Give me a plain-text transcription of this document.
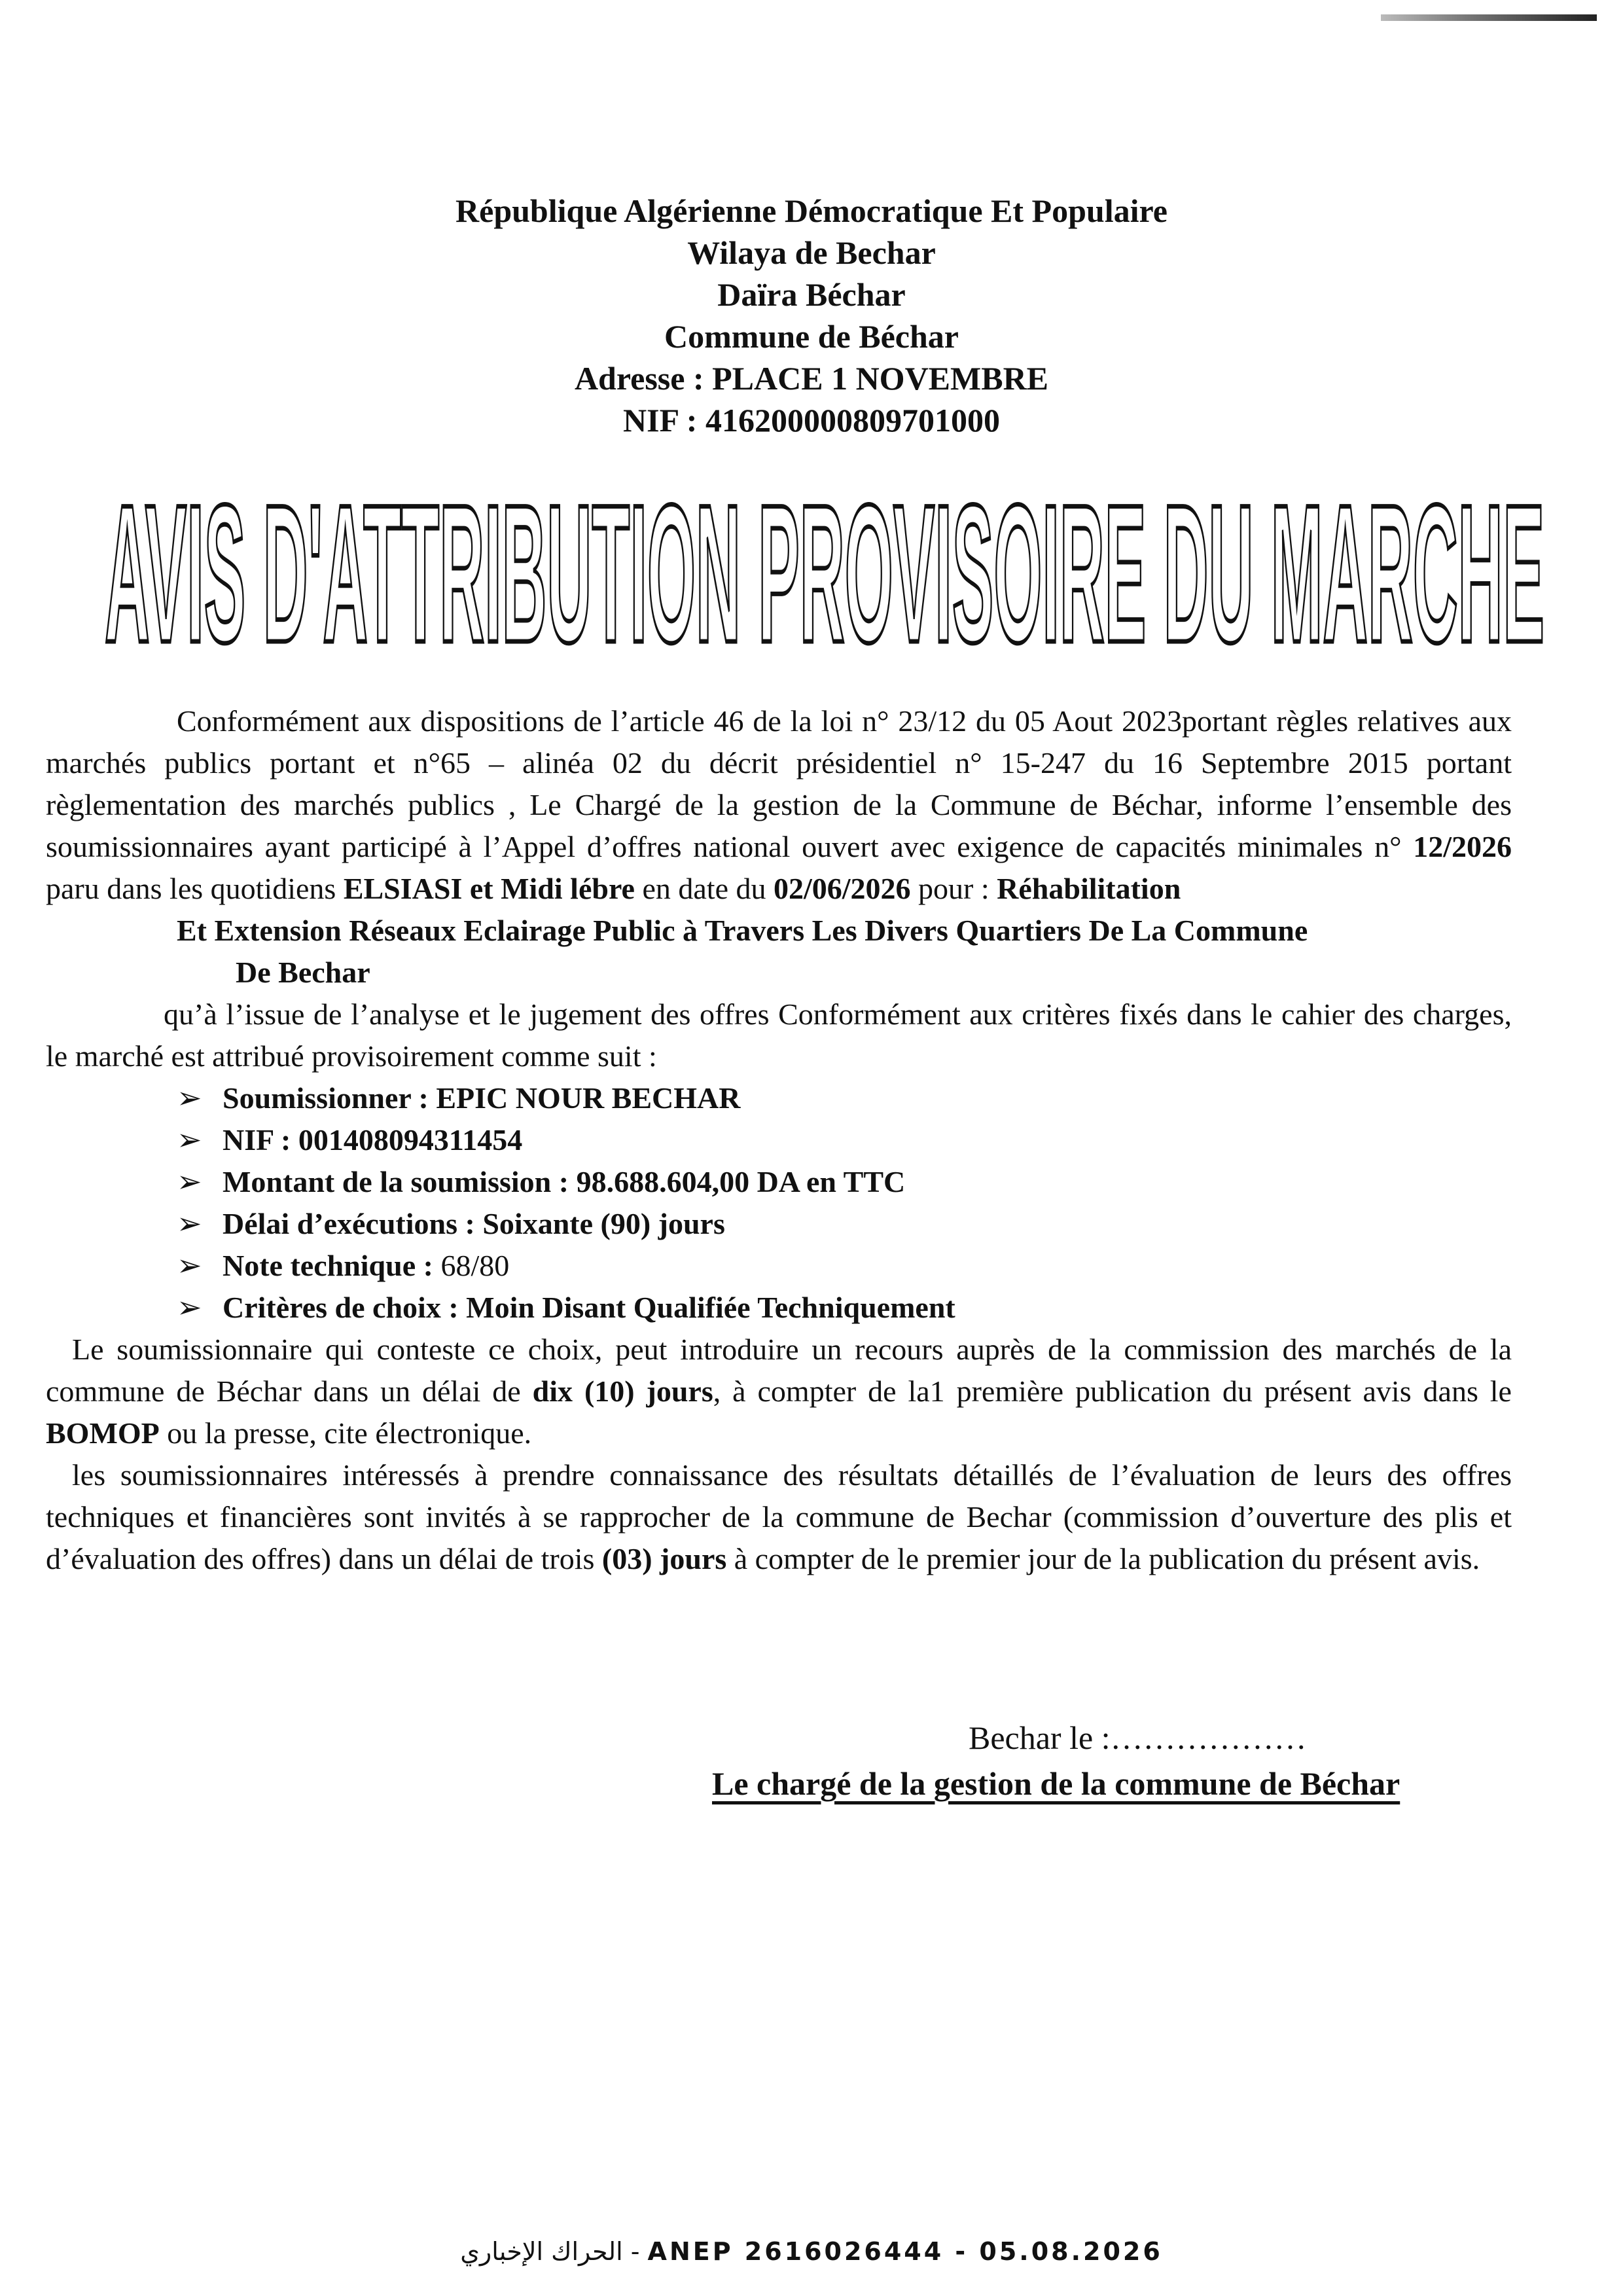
République Algérienne Démocratique Et Populaire
Wilaya de Bechar
Daïra Béchar
Commune de Béchar
Adresse : PLACE 1 NOVEMBRE
NIF : 416200000809701000
AVIS D'ATTRIBUTION PROVISOIRE DU MARCHE

Conformément aux dispositions de l’article 46 de la loi n° 23/12 du 05 Aout 2023portant règles relatives aux marchés publics portant et n°65 – alinéa 02 du décrit présidentiel n° 15-247 du 16 Septembre 2015 portant règlementation des marchés publics , Le Chargé de la gestion de la Commune de Béchar, informe l’ensemble des soumissionnaires ayant participé à l’Appel d’offres national ouvert avec exigence de capacités minimales n° 12/2026 paru dans les quotidiens ELSIASI et Midi lébre en date du 02/06/2026 pour : Réhabilitation
Et Extension Réseaux Eclairage Public à Travers Les Divers Quartiers De La Commune
De Bechar

qu’à l’issue de l’analyse et le jugement des offres Conformément aux critères fixés dans le cahier des charges, le marché est attribué provisoirement comme suit :

➢ Soumissionner : EPIC NOUR BECHAR
➢ NIF : 001408094311454
➢ Montant de la soumission : 98.688.604,00 DA en TTC
➢ Délai d’exécutions : Soixante (90) jours
➢ Note technique : 68/80
➢ Critères de choix : Moin Disant Qualifiée Techniquement

Le soumissionnaire qui conteste ce choix, peut introduire un recours auprès de la commission des marchés de la commune de Béchar dans un délai de dix (10) jours, à compter de la1 première publication du présent avis dans le BOMOP ou la presse, cite électronique.

les soumissionnaires intéressés à prendre connaissance des résultats détaillés de l’évaluation de leurs des offres techniques et financières sont invités à se rapprocher de la commune de Bechar (commission d’ouverture des plis et d’évaluation des offres) dans un délai de trois (03) jours à compter de le premier jour de la publication du présent avis.

Bechar le :………………
Le chargé de la gestion de la commune de Béchar
الحراك الإخباري - ANEP 2616026444 - 05.08.2026
